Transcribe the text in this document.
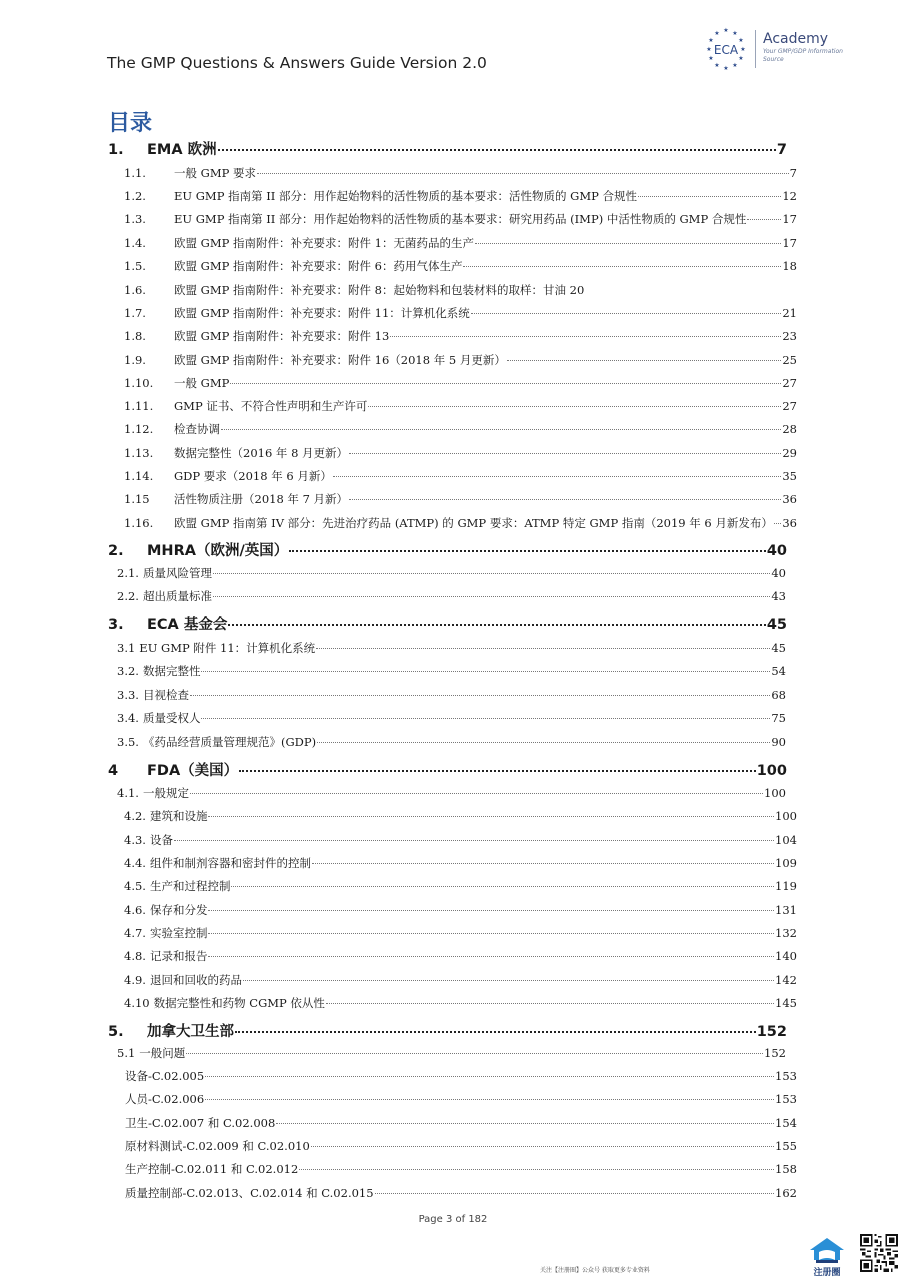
The GMP Questions & Answers Guide Version 2.0
★ ★
★
★
★
★
★
★
★
★
★
★
ECA
Academy
Your GMP/GDP Information Source
目录
1.	EMA 欧洲	7
1.1.	一般 GMP 要求	7
1.2.	EU GMP 指南第 II 部分：用作起始物料的活性物质的基本要求：活性物质的 GMP 合规性	12
1.3.	EU GMP 指南第 II 部分：用作起始物料的活性物质的基本要求：研究用药品 (IMP) 中活性物质的 GMP 合规性	17
1.4.	欧盟 GMP 指南附件：补充要求：附件 1：无菌药品的生产	17
1.5.	欧盟 GMP 指南附件：补充要求：附件 6：药用气体生产	18
1.6.	欧盟 GMP 指南附件：补充要求：附件 8：起始物料和包装材料的取样：甘油 20
1.7.	欧盟 GMP 指南附件：补充要求：附件 11：计算机化系统	21
1.8.	欧盟 GMP 指南附件：补充要求：附件 13	23
1.9.	欧盟 GMP 指南附件：补充要求：附件 16（2018 年 5 月更新）	25
1.10.	一般 GMP	27
1.11.	GMP 证书、不符合性声明和生产许可	27
1.12.	检查协调	28
1.13.	数据完整性（2016 年 8 月更新）	29
1.14.	GDP 要求（2018 年 6 月新）	35
1.15	活性物质注册（2018 年 7 月新）	36
1.16.	欧盟 GMP 指南第 IV 部分：先进治疗药品 (ATMP) 的 GMP 要求：ATMP 特定 GMP 指南（2019 年 6 月新发布） 36
2.	MHRA（欧洲/英国）	40
2.1. 质量风险管理	40
2.2. 超出质量标准	43
3.	ECA 基金会	45
3.1 EU GMP 附件 11：计算机化系统	45
3.2. 数据完整性	54
3.3. 目视检查	68
3.4. 质量受权人	75
3.5. 《药品经营质量管理规范》(GDP)	90
4	FDA（美国）	100
4.1. 一般规定	100
4.2. 建筑和设施	100
4.3. 设备	104
4.4. 组件和制剂容器和密封件的控制	109
4.5. 生产和过程控制	119
4.6. 保存和分发	131
4.7. 实验室控制	132
4.8. 记录和报告	140
4.9. 退回和回收的药品	142
4.10 数据完整性和药物 CGMP 依从性	145
5.	加拿大卫生部	152
5.1 一般问题	152
设备-C.02.005	153
人员-C.02.006	153
卫生-C.02.007 和 C.02.008	154
原材料测试-C.02.009 和 C.02.010	155
生产控制-C.02.011 和 C.02.012	158
质量控制部-C.02.013、C.02.014 和 C.02.015	162
Page 3 of 182
关注【注册圈】公众号 获取更多专业资料	注册圈
